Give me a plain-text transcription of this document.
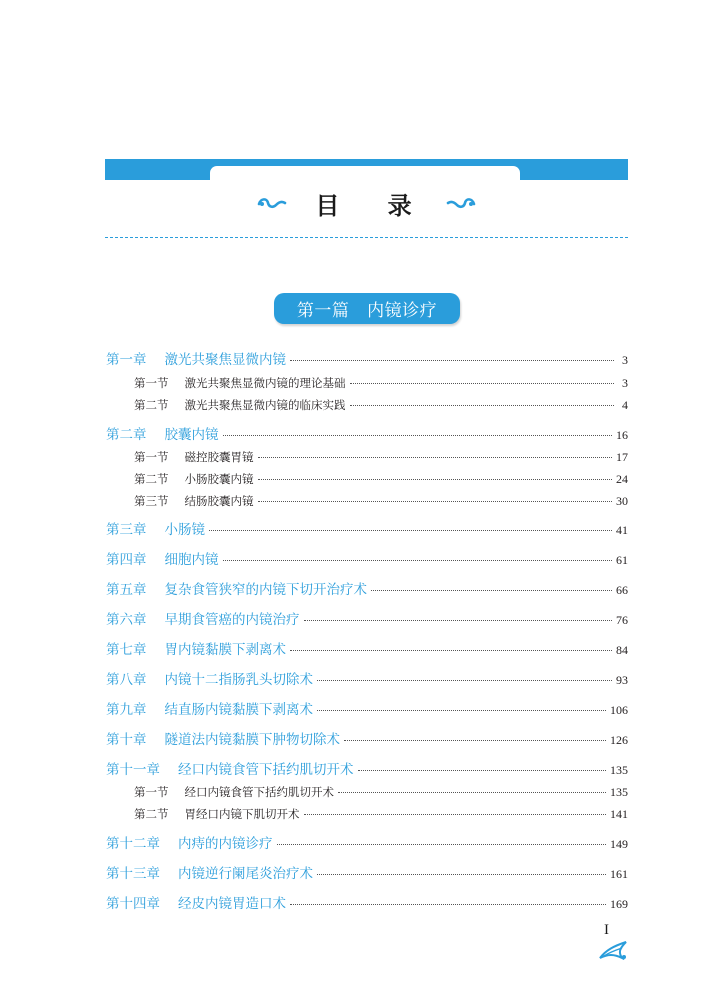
目 录
第一篇   内镜诊疗
第一章 激光共聚焦显微内镜	3
第一节 激光共聚焦显微内镜的理论基础	3
第二节 激光共聚焦显微内镜的临床实践	4
第二章 胶囊内镜	16
第一节 磁控胶囊胃镜	17
第二节 小肠胶囊内镜	24
第三节 结肠胶囊内镜	30
第三章 小肠镜	41
第四章 细胞内镜	61
第五章 复杂食管狭窄的内镜下切开治疗术	66
第六章 早期食管癌的内镜治疗	76
第七章 胃内镜黏膜下剥离术	84
第八章 内镜十二指肠乳头切除术	93
第九章 结直肠内镜黏膜下剥离术	106
第十章 隧道法内镜黏膜下肿物切除术	126
第十一章 经口内镜食管下括约肌切开术	135
第一节 经口内镜食管下括约肌切开术	135
第二节 胃经口内镜下肌切开术	141
第十二章 内痔的内镜诊疗	149
第十三章 内镜逆行阑尾炎治疗术	161
第十四章 经皮内镜胃造口术	169
I
